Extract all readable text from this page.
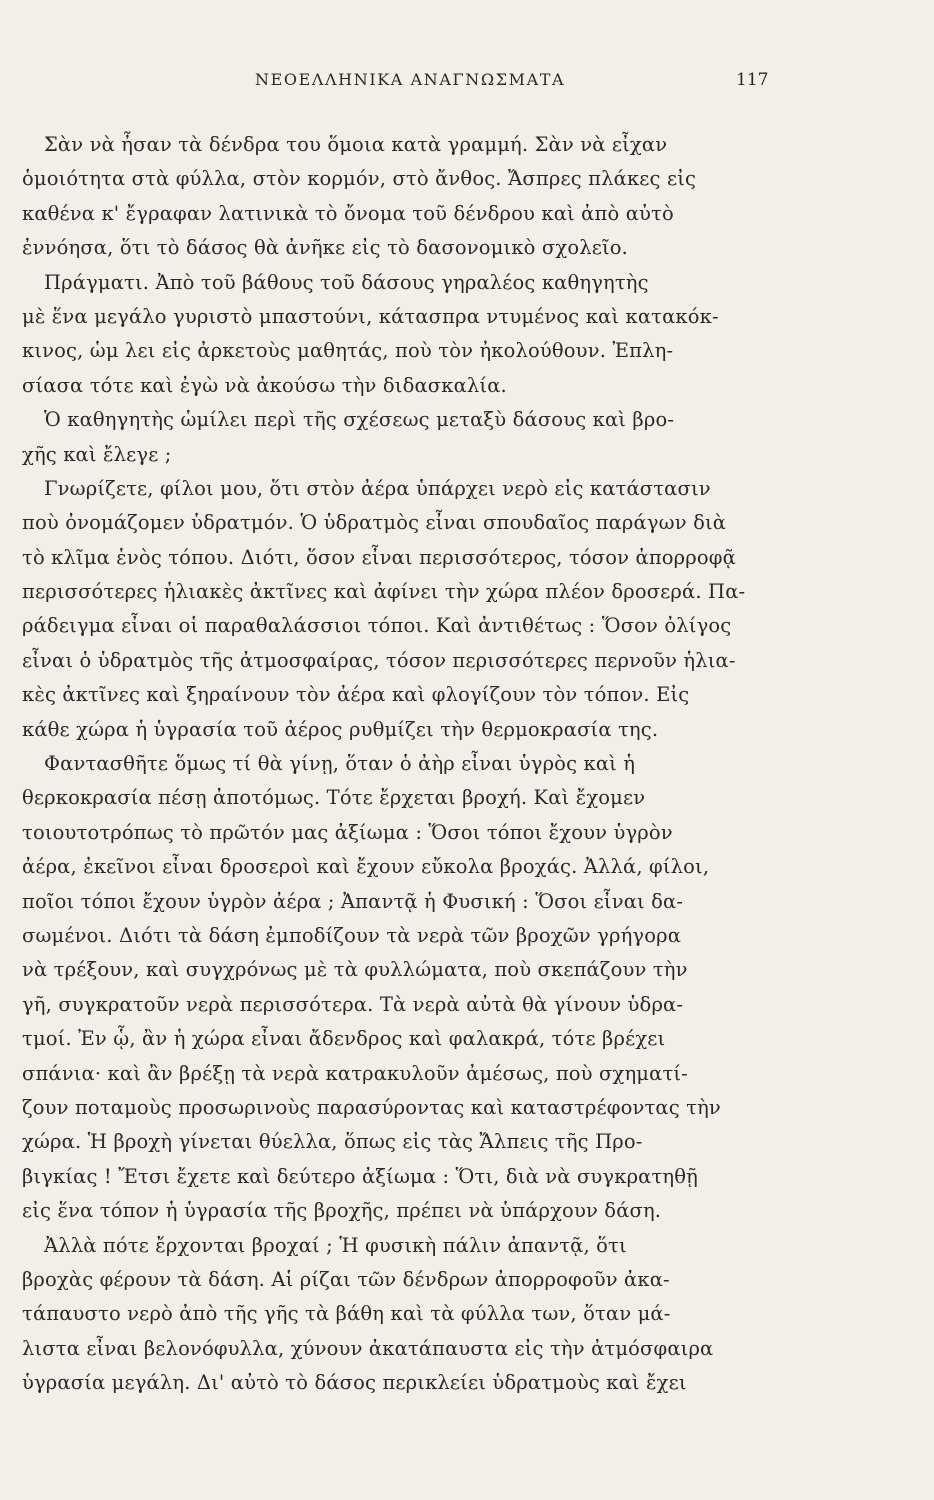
ΝΕΟΕΛΛΗΝΙΚΑ ΑΝΑΓΝΩΣΜΑΤΑ	117
Σὰν νὰ ἦσαν τὰ δένδρα του ὅμοια κατὰ γραμμή. Σὰν νὰ εἶχαν
ὁμοιότητα στὰ φύλλα, στὸν κορμόν, στὸ ἄνθος. Ἄσπρες πλάκες εἰς
καθένα κ' ἔγραφαν λατινικὰ τὸ ὄνομα τοῦ δένδρου καὶ ἀπὸ αὐτὸ
ἐννόησα, ὅτι τὸ δάσος θὰ ἀνῆκε εἰς τὸ δασονομικὸ σχολεῖο.
Πράγματι. Ἀπὸ τοῦ βάθους τοῦ δάσους γηραλέος καθηγητὴς
μὲ ἕνα μεγάλο γυριστὸ μπαστούνι, κάτασπρα ντυμένος καὶ κατακόκ-
κινος, ὡμ λει εἰς ἀρκετοὺς μαθητάς, ποὺ τὸν ἠκολούθουν. Ἐπλη-
σίασα τότε καὶ ἐγὼ νὰ ἀκούσω τὴν διδασκαλία.
Ὁ καθηγητὴς ὡμίλει περὶ τῆς σχέσεως μεταξὺ δάσους καὶ βρο-
χῆς καὶ ἔλεγε ;
Γνωρίζετε, φίλοι μου, ὅτι στὸν ἀέρα ὑπάρχει νερὸ εἰς κατάστασιν
ποὺ ὀνομάζομεν ὑδρατμόν. Ὁ ὑδρατμὸς εἶναι σπουδαῖος παράγων διὰ
τὸ κλῖμα ἑνὸς τόπου. Διότι, ὅσον εἶναι περισσότερος, τόσον ἀπορροφᾷ
περισσότερες ἡλιακὲς ἀκτῖνες καὶ ἀφίνει τὴν χώρα πλέον δροσερά. Πα-
ράδειγμα εἶναι οἱ παραθαλάσσιοι τόποι. Καὶ ἀντιθέτως : Ὅσον ὀλίγος
εἶναι ὁ ὑδρατμὸς τῆς ἀτμοσφαίρας, τόσον περισσότερες περνοῦν ἡλια-
κὲς ἀκτῖνες καὶ ξηραίνουν τὸν ἀέρα καὶ φλογίζουν τὸν τόπον. Εἰς
κάθε χώρα ἡ ὑγρασία τοῦ ἀέρος ρυθμίζει τὴν θερμοκρασία της.
Φαντασθῆτε ὅμως τί θὰ γίνῃ, ὅταν ὁ ἀὴρ εἶναι ὑγρὸς καὶ ἡ
θερκοκρασία πέσῃ ἀποτόμως. Τότε ἔρχεται βροχή. Καὶ ἔχομεν
τοιουτοτρόπως τὸ πρῶτόν μας ἀξίωμα : Ὅσοι τόποι ἔχουν ὑγρὸν
ἀέρα, ἐκεῖνοι εἶναι δροσεροὶ καὶ ἔχουν εὔκολα βροχάς. Ἀλλά, φίλοι,
ποῖοι τόποι ἔχουν ὑγρὸν ἀέρα ; Ἀπαντᾷ ἡ Φυσική : Ὅσοι εἶναι δα-
σωμένοι. Διότι τὰ δάση ἐμποδίζουν τὰ νερὰ τῶν βροχῶν γρήγορα
νὰ τρέξουν, καὶ συγχρόνως μὲ τὰ φυλλώματα, ποὺ σκεπάζουν τὴν
γῆ, συγκρατοῦν νερὰ περισσότερα. Τὰ νερὰ αὐτὰ θὰ γίνουν ὑδρα-
τμοί. Ἐν ᾧ, ἂν ἡ χώρα εἶναι ἄδενδρος καὶ φαλακρά, τότε βρέχει
σπάνια· καὶ ἂν βρέξῃ τὰ νερὰ κατρακυλοῦν ἀμέσως, ποὺ σχηματί-
ζουν ποταμοὺς προσωρινοὺς παρασύροντας καὶ καταστρέφοντας τὴν
χώρα. Ἡ βροχὴ γίνεται θύελλα, ὅπως εἰς τὰς Ἄλπεις τῆς Προ-
βιγκίας ! Ἔτσι ἔχετε καὶ δεύτερο ἀξίωμα : Ὅτι, διὰ νὰ συγκρατηθῇ
εἰς ἕνα τόπον ἡ ὑγρασία τῆς βροχῆς, πρέπει νὰ ὑπάρχουν δάση.
Ἀλλὰ πότε ἔρχονται βροχαί ; Ἡ φυσικὴ πάλιν ἀπαντᾷ, ὅτι
βροχὰς φέρουν τὰ δάση. Αἱ ρίζαι τῶν δένδρων ἀπορροφοῦν ἀκα-
τάπαυστο νερὸ ἀπὸ τῆς γῆς τὰ βάθη καὶ τὰ φύλλα των, ὅταν μά-
λιστα εἶναι βελονόφυλλα, χύνουν ἀκατάπαυστα εἰς τὴν ἀτμόσφαιρα
ὑγρασία μεγάλη. Δι' αὐτὸ τὸ δάσος περικλείει ὑδρατμοὺς καὶ ἔχει
